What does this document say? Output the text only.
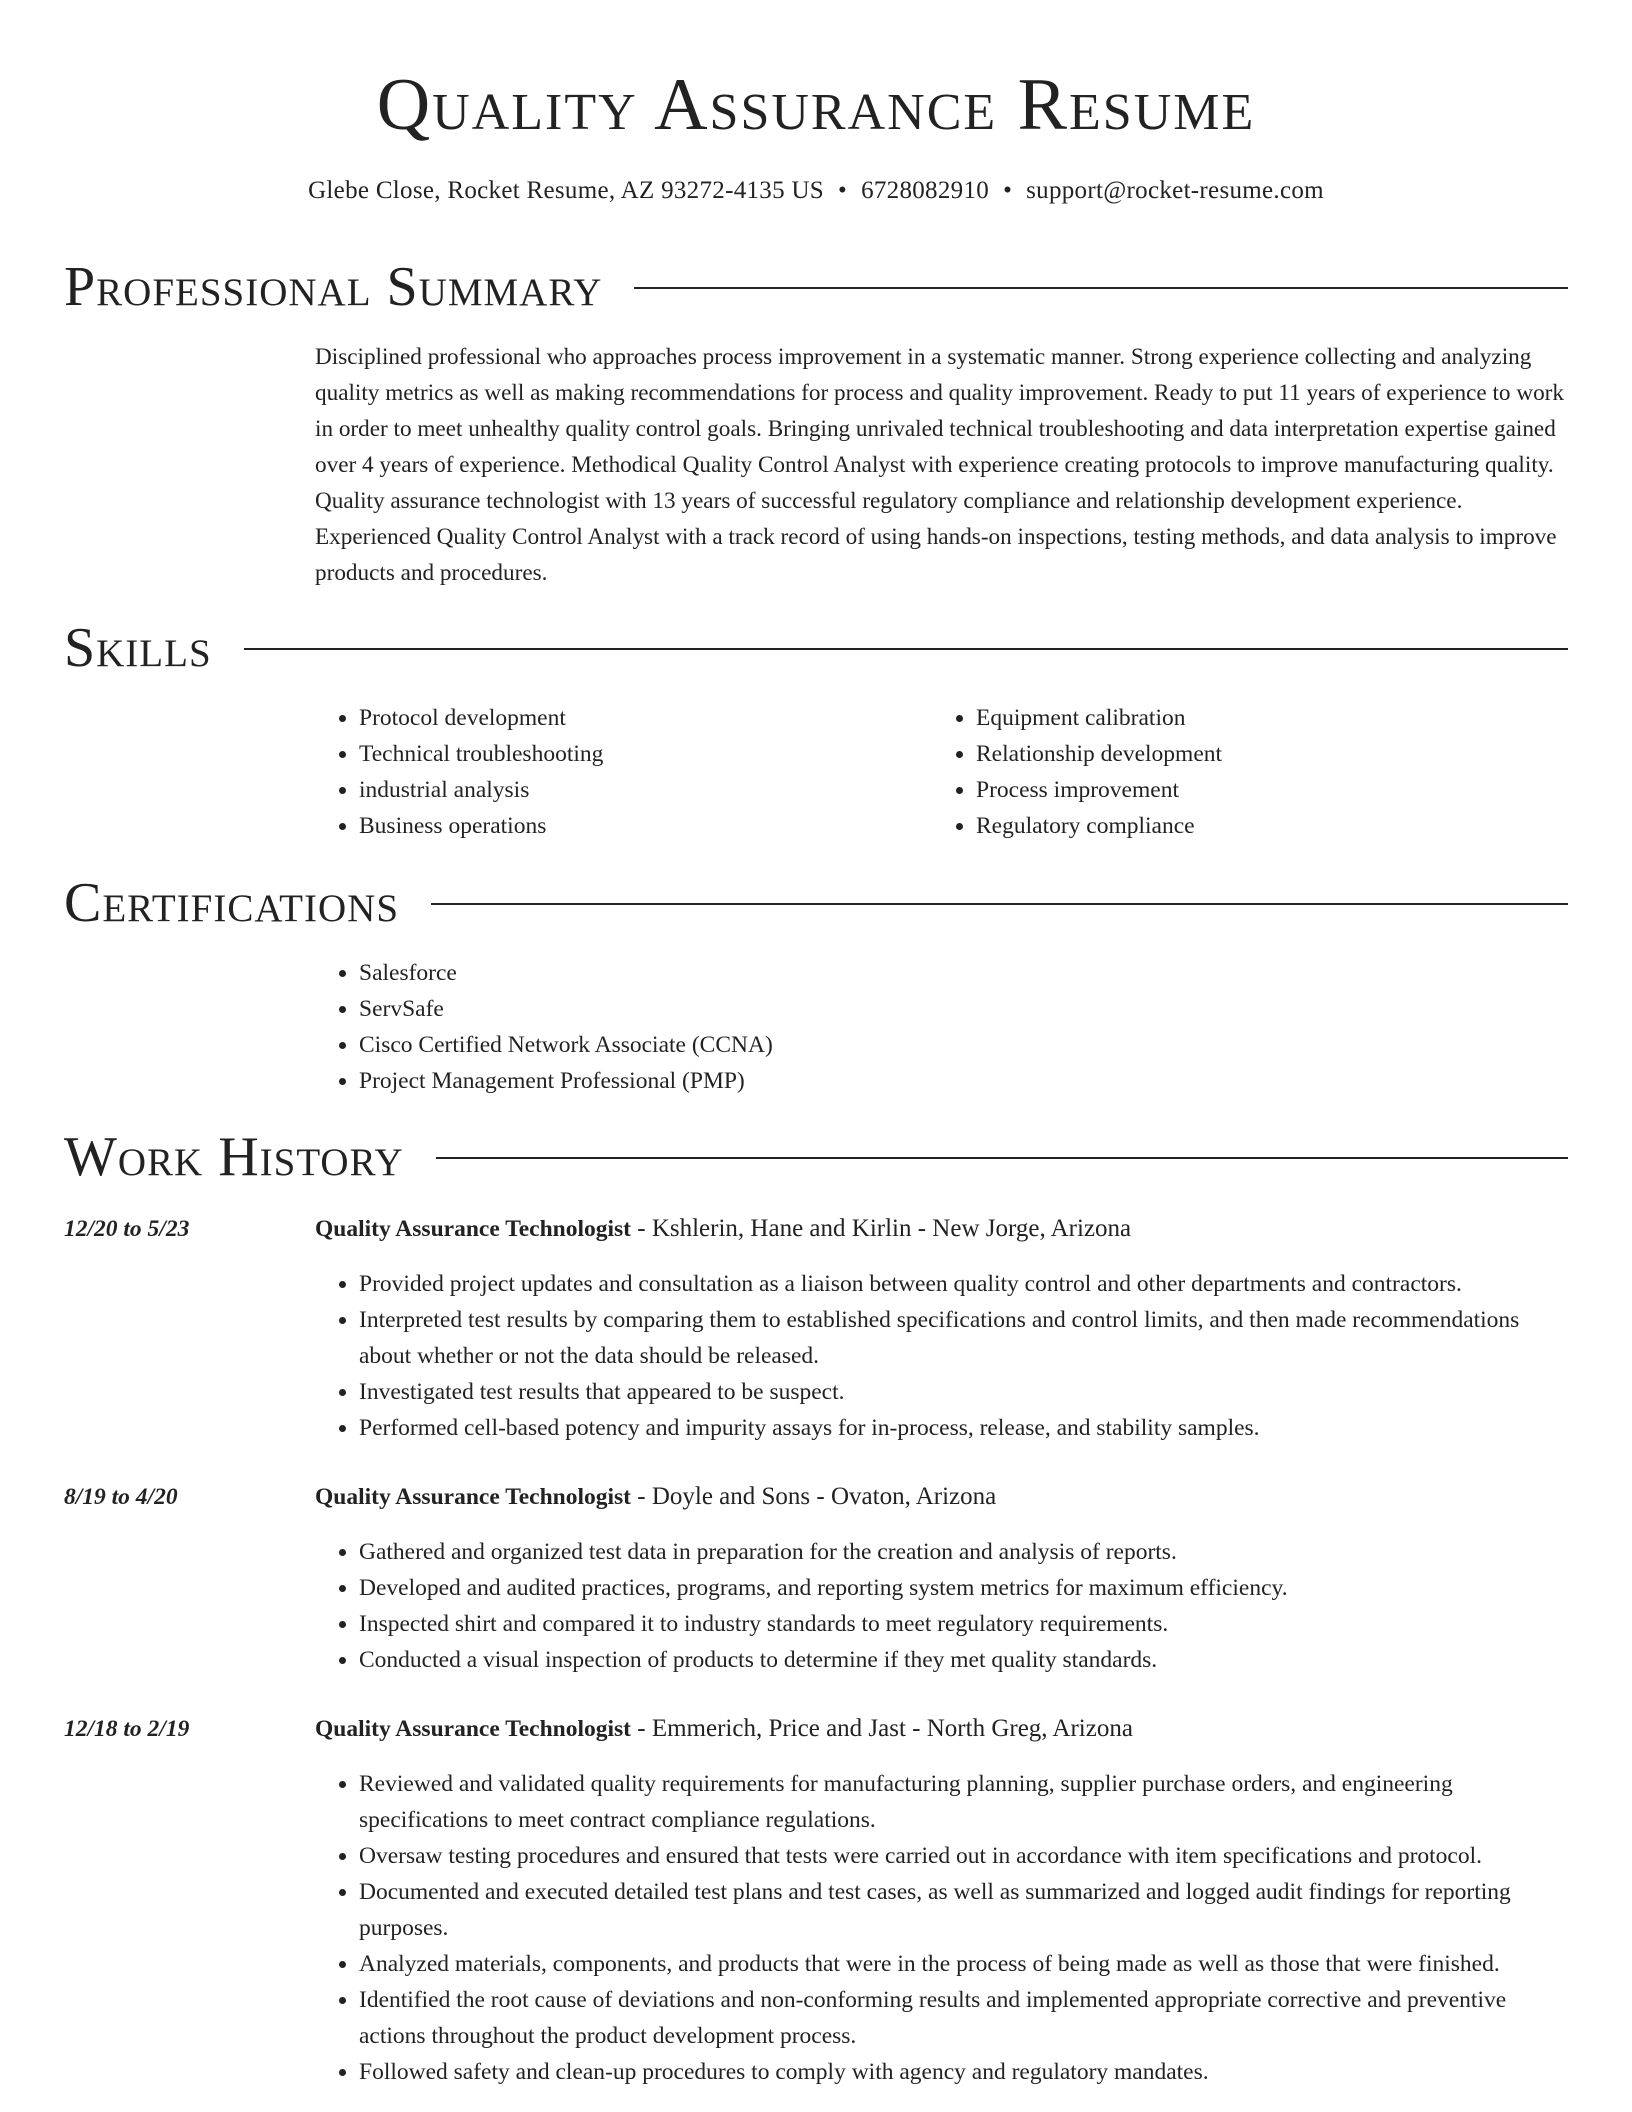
Quality Assurance Resume
Glebe Close, Rocket Resume, AZ 93272-4135 US • 6728082910 • support@rocket-resume.com
Professional Summary

Disciplined professional who approaches process improvement in a systematic manner. Strong experience collecting and analyzing quality metrics as well as making recommendations for process and quality improvement. Ready to put 11 years of experience to work in order to meet unhealthy quality control goals. Bringing unrivaled technical troubleshooting and data interpretation expertise gained over 4 years of experience. Methodical Quality Control Analyst with experience creating protocols to improve manufacturing quality. Quality assurance technologist with 13 years of successful regulatory compliance and relationship development experience. Experienced Quality Control Analyst with a track record of using hands-on inspections, testing methods, and data analysis to improve products and procedures.

Skills
• Protocol development
• Technical troubleshooting
• industrial analysis
• Business operations
• Equipment calibration
• Relationship development
• Process improvement
• Regulatory compliance
Certifications
• Salesforce
• ServSafe
• Cisco Certified Network Associate (CCNA)
• Project Management Professional (PMP)
Work History
12/20 to 5/23	Quality Assurance Technologist - Kshlerin, Hane and Kirlin - New Jorge, Arizona
• Provided project updates and consultation as a liaison between quality control and other departments and contractors.
• Interpreted test results by comparing them to established specifications and control limits, and then made recommendations about whether or not the data should be released.
• Investigated test results that appeared to be suspect.
• Performed cell-based potency and impurity assays for in-process, release, and stability samples.
8/19 to 4/20	Quality Assurance Technologist - Doyle and Sons - Ovaton, Arizona
• Gathered and organized test data in preparation for the creation and analysis of reports.
• Developed and audited practices, programs, and reporting system metrics for maximum efficiency.
• Inspected shirt and compared it to industry standards to meet regulatory requirements.
• Conducted a visual inspection of products to determine if they met quality standards.
12/18 to 2/19	Quality Assurance Technologist - Emmerich, Price and Jast - North Greg, Arizona
• Reviewed and validated quality requirements for manufacturing planning, supplier purchase orders, and engineering specifications to meet contract compliance regulations.
• Oversaw testing procedures and ensured that tests were carried out in accordance with item specifications and protocol.
• Documented and executed detailed test plans and test cases, as well as summarized and logged audit findings for reporting purposes.
• Analyzed materials, components, and products that were in the process of being made as well as those that were finished.
• Identified the root cause of deviations and non-conforming results and implemented appropriate corrective and preventive actions throughout the product development process.
• Followed safety and clean-up procedures to comply with agency and regulatory mandates.
